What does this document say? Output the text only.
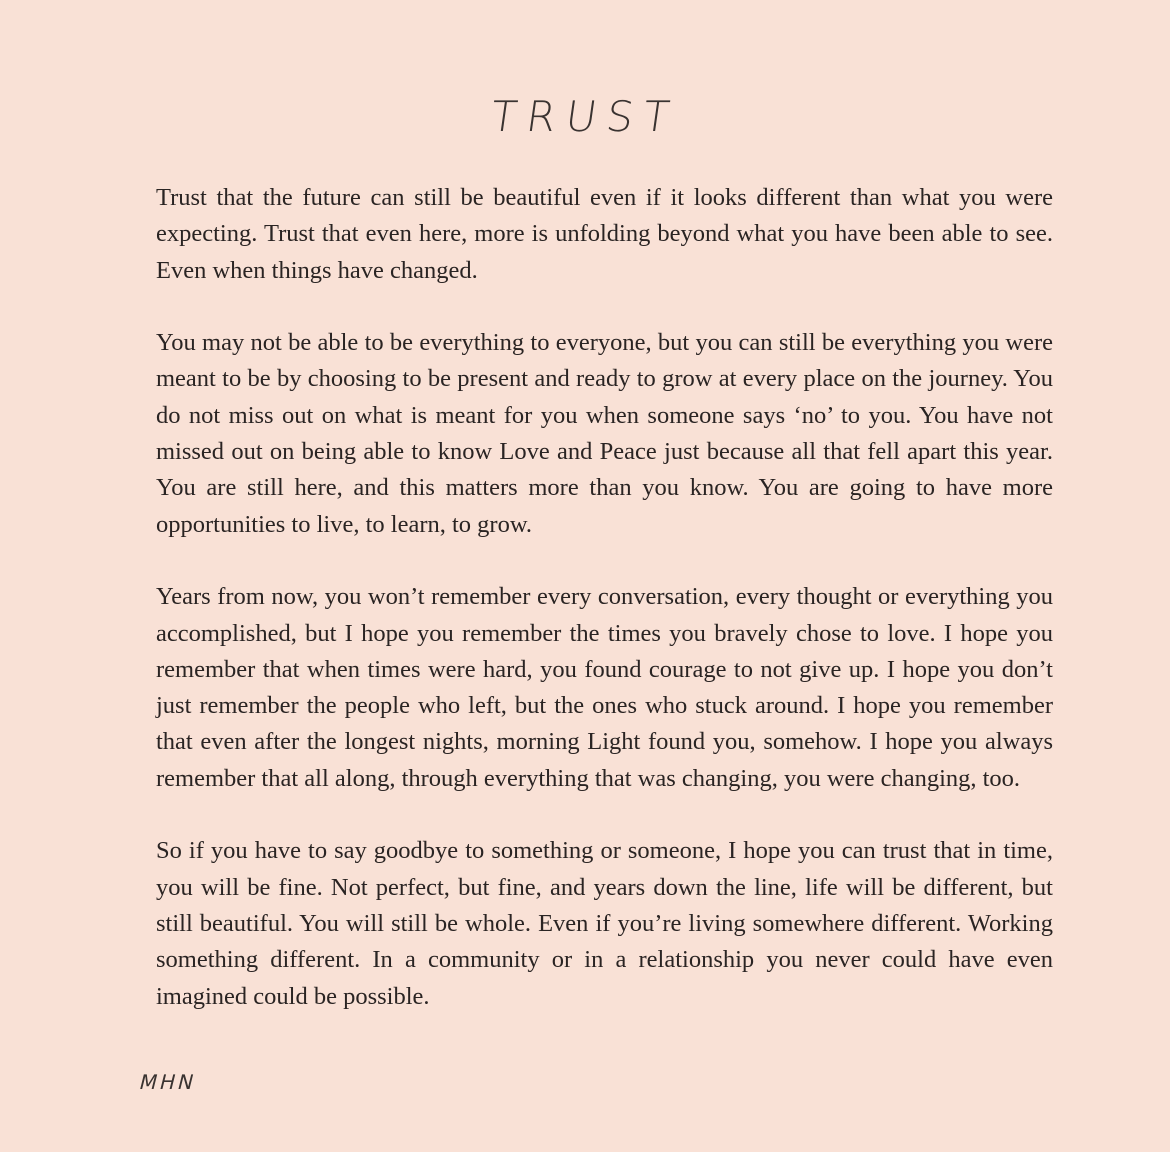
TRUST

Trust that the future can still be beautiful even if it looks different than what you were expecting. Trust that even here, more is unfolding beyond what you have been able to see. Even when things have changed.

You may not be able to be everything to everyone, but you can still be everything you were meant to be by choosing to be present and ready to grow at every place on the journey. You do not miss out on what is meant for you when someone says ‘no’ to you. You have not missed out on being able to know Love and Peace just because all that fell apart this year. You are still here, and this matters more than you know. You are going to have more opportunities to live, to learn, to grow.

Years from now, you won’t remember every conversation, every thought or everything you accomplished, but I hope you remember the times you bravely chose to love. I hope you remember that when times were hard, you found courage to not give up. I hope you don’t just remember the people who left, but the ones who stuck around. I hope you remember that even after the longest nights, morning Light found you, somehow. I hope you always remember that all along, through everything that was changing, you were changing, too.

So if you have to say goodbye to something or someone, I hope you can trust that in time, you will be fine. Not perfect, but fine, and years down the line, life will be different, but still beautiful. You will still be whole. Even if you’re living somewhere different. Working something different. In a community or in a relationship you never could have even imagined could be possible.

MHN
